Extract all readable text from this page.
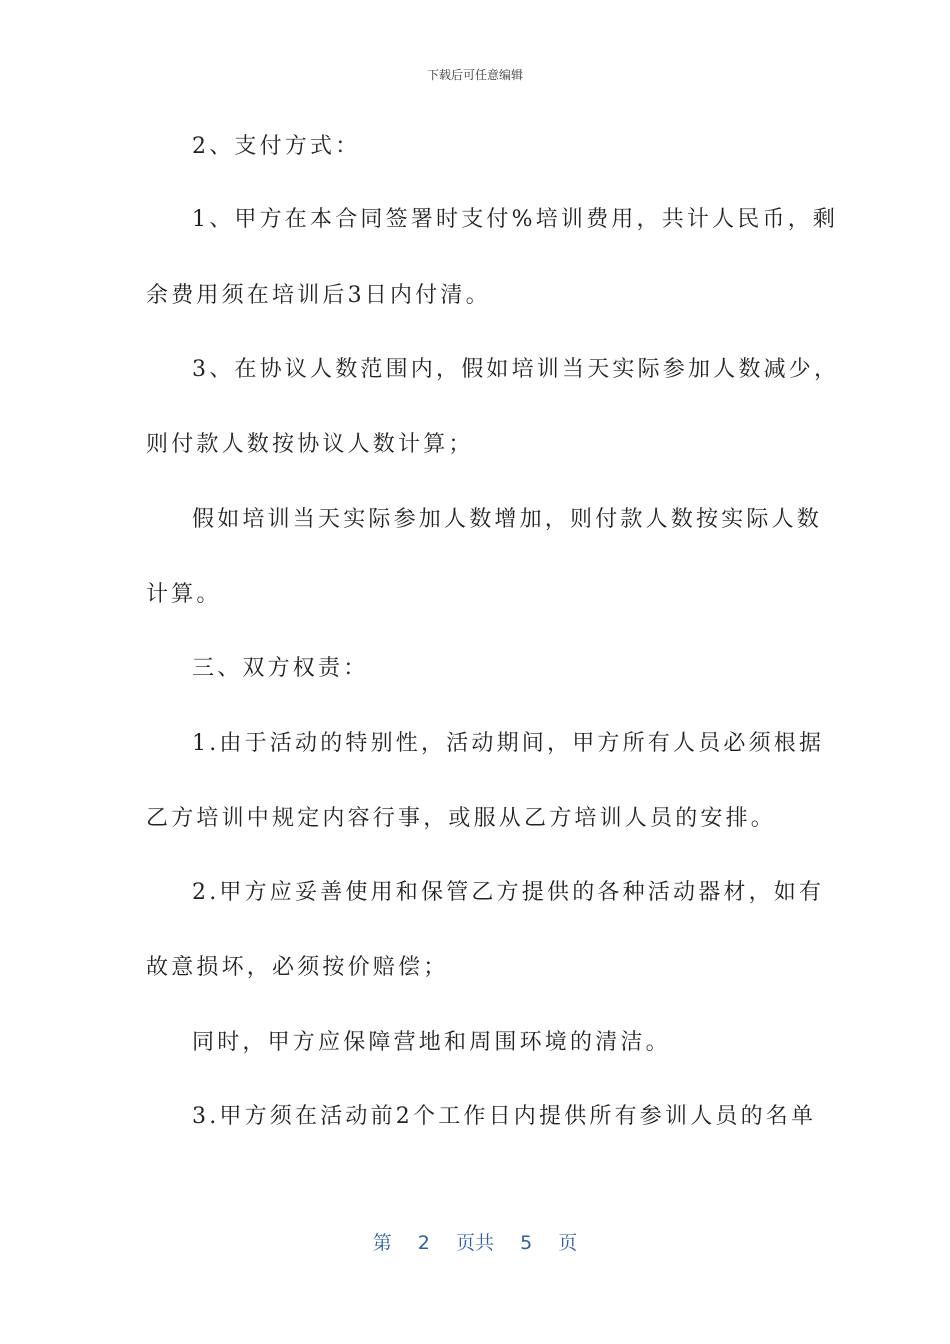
下载后可任意编辑
2、支付方式：
1、甲方在本合同签署时支付%培训费用，共计人民币，剩
余费用须在培训后3日内付清。
3、在协议人数范围内，假如培训当天实际参加人数减少，
则付款人数按协议人数计算；
假如培训当天实际参加人数增加，则付款人数按实际人数
计算。
三、双方权责：
1.由于活动的特别性，活动期间，甲方所有人员必须根据
乙方培训中规定内容行事，或服从乙方培训人员的安排。
2.甲方应妥善使用和保管乙方提供的各种活动器材，如有
故意损坏，必须按价赔偿；
同时，甲方应保障营地和周围环境的清洁。
3.甲方须在活动前2个工作日内提供所有参训人员的名单
第 2 页共 5 页
